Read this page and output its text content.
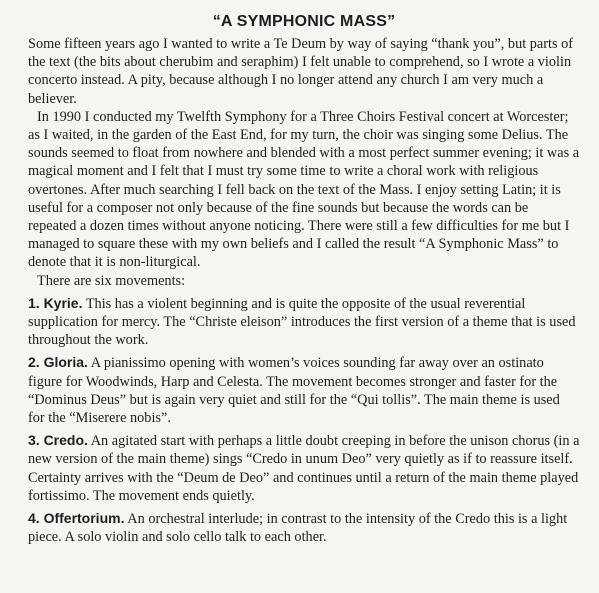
“A SYMPHONIC MASS”

Some fifteen years ago I wanted to write a Te Deum by way of saying “thank you”, but parts of the text (the bits about cherubim and seraphim) I felt unable to comprehend, so I wrote a violin concerto instead. A pity, because although I no longer attend any church I am very much a believer.

In 1990 I conducted my Twelfth Symphony for a Three Choirs Festival concert at Worcester; as I waited, in the garden of the East End, for my turn, the choir was singing some Delius. The sounds seemed to float from nowhere and blended with a most perfect summer evening; it was a magical moment and I felt that I must try some time to write a choral work with religious overtones. After much searching I fell back on the text of the Mass. I enjoy setting Latin; it is useful for a composer not only because of the fine sounds but because the words can be repeated a dozen times without anyone noticing. There were still a few difficulties for me but I managed to square these with my own beliefs and I called the result “A Symphonic Mass” to denote that it is non-liturgical.

There are six movements:

1. Kyrie. This has a violent beginning and is quite the opposite of the usual reverential supplication for mercy. The “Christe eleison” introduces the first version of a theme that is used throughout the work.

2. Gloria. A pianissimo opening with women’s voices sounding far away over an ostinato figure for Woodwinds, Harp and Celesta. The movement becomes stronger and faster for the “Dominus Deus” but is again very quiet and still for the “Qui tollis”. The main theme is used for the “Miserere nobis”.

3. Credo. An agitated start with perhaps a little doubt creeping in before the unison chorus (in a new version of the main theme) sings “Credo in unum Deo” very quietly as if to reassure itself. Certainty arrives with the “Deum de Deo” and continues until a return of the main theme played fortissimo. The movement ends quietly.

4. Offertorium. An orchestral interlude; in contrast to the intensity of the Credo this is a light piece. A solo violin and solo cello talk to each other.
